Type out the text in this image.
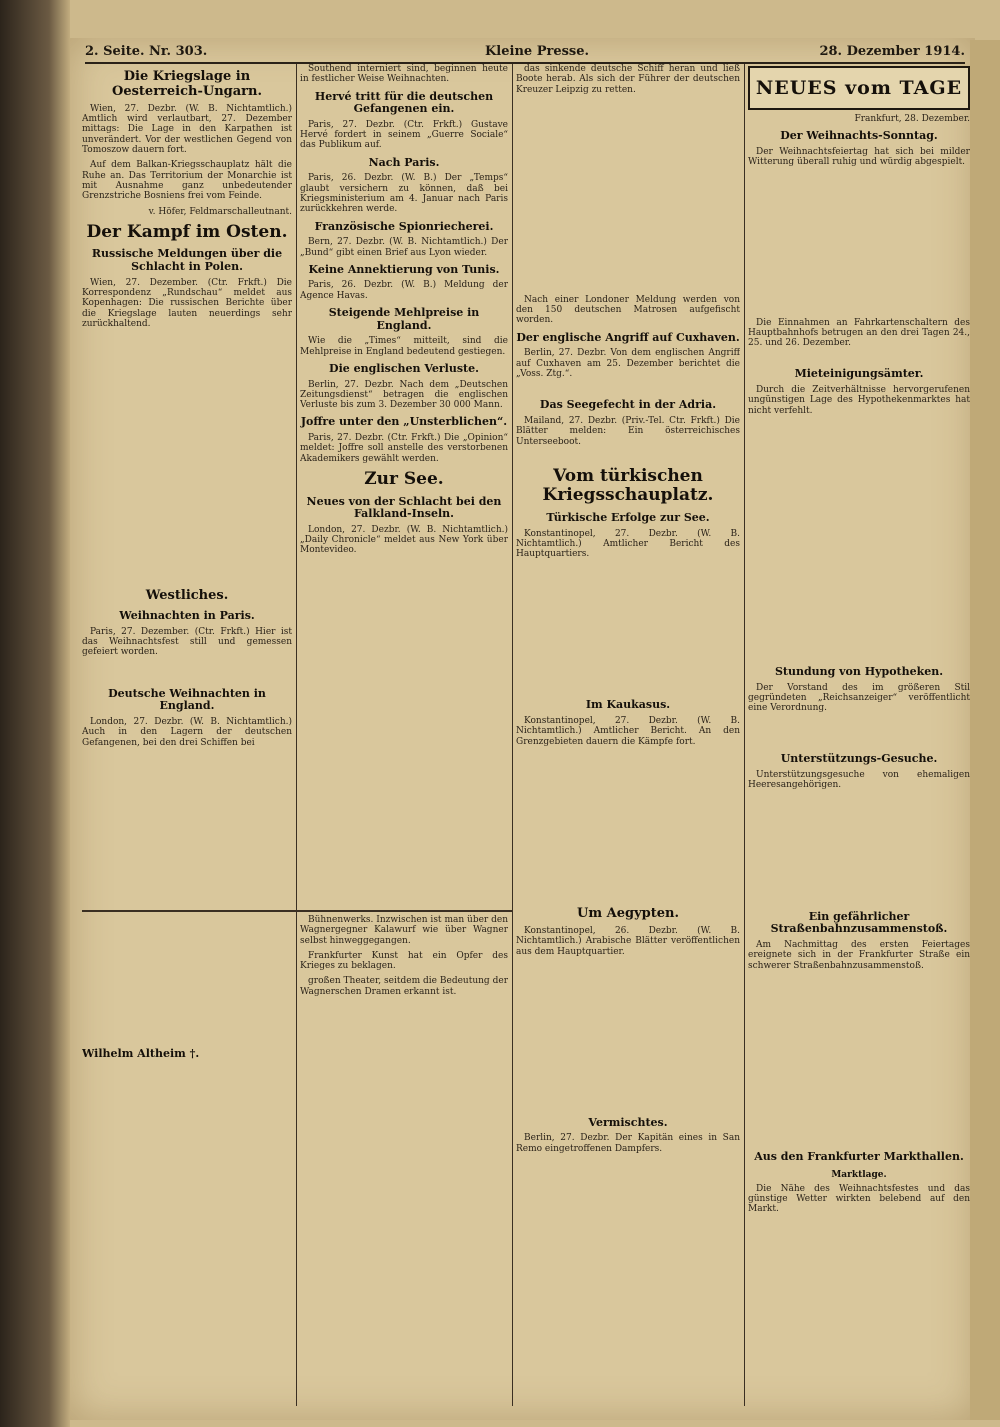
2. Seite. Nr. 303.	Kleine Presse.	28. Dezember 1914.
Die Kriegslage in Oesterreich-Ungarn.

Wien, 27. Dezbr. (W. B. Nichtamtlich.) Amtlich wird verlautbart, 27. Dezember mittags: Die Lage in den Karpathen ist unverändert. Vor der westlichen Gegend von Tomoszow dauern fort.

Auf dem Balkan-Kriegsschauplatz hält die Ruhe an. Das Territorium der Monarchie ist mit Ausnahme ganz unbedeutender Grenzstriche Bosniens frei vom Feinde.

v. Höfer, Feldmarschalleutnant.

Der Kampf im Osten.
Russische Meldungen über die Schlacht in Polen.

Wien, 27. Dezember. (Ctr. Frkft.) Die Korrespondenz „Rundschau“ meldet aus Kopenhagen: Die russischen Berichte über die Kriegslage lauten neuerdings sehr zurückhaltend.

Westliches.
Weihnachten in Paris.

Paris, 27. Dezember. (Ctr. Frkft.) Hier ist das Weihnachtsfest still und gemessen gefeiert worden.

Deutsche Weihnachten in England.

London, 27. Dezbr. (W. B. Nichtamtlich.) Auch in den Lagern der deutschen Gefangenen, bei den drei Schiffen bei

Wilhelm Altheim †.

Southend interniert sind, beginnen heute in festlicher Weise Weihnachten.

Hervé tritt für die deutschen Gefangenen ein.

Paris, 27. Dezbr. (Ctr. Frkft.) Gustave Hervé fordert in seinem „Guerre Sociale“ das Publikum auf.

Nach Paris.

Paris, 26. Dezbr. (W. B.) Der „Temps“ glaubt versichern zu können, daß bei Kriegsministerium am 4. Januar nach Paris zurückkehren werde.

Französische Spionriecherei.

Bern, 27. Dezbr. (W. B. Nichtamtlich.) Der „Bund“ gibt einen Brief aus Lyon wieder.

Keine Annektierung von Tunis.

Paris, 26. Dezbr. (W. B.) Meldung der Agence Havas.

Steigende Mehlpreise in England.

Wie die „Times“ mitteilt, sind die Mehlpreise in England bedeutend gestiegen.

Die englischen Verluste.

Berlin, 27. Dezbr. Nach dem „Deutschen Zeitungsdienst“ betragen die englischen Verluste bis zum 3. Dezember 30 000 Mann.

Joffre unter den „Unsterblichen“.

Paris, 27. Dezbr. (Ctr. Frkft.) Die „Opinion“ meldet: Joffre soll anstelle des verstorbenen Akademikers gewählt werden.

Zur See.
Neues von der Schlacht bei den Falkland-Inseln.

London, 27. Dezbr. (W. B. Nichtamtlich.) „Daily Chronicle“ meldet aus New York über Montevideo.

Bühnenwerks. Inzwischen ist man über den Wagnergegner Kalawurf wie über Wagner selbst hinweggegangen.

Frankfurter Kunst hat ein Opfer des Krieges zu beklagen.

großen Theater, seitdem die Bedeutung der Wagnerschen Dramen erkannt ist.

das sinkende deutsche Schiff heran und ließ Boote herab. Als sich der Führer der deutschen Kreuzer Leipzig zu retten.

Nach einer Londoner Meldung werden von den 150 deutschen Matrosen aufgefischt worden.

Der englische Angriff auf Cuxhaven.

Berlin, 27. Dezbr. Von dem englischen Angriff auf Cuxhaven am 25. Dezember berichtet die „Voss. Ztg.“.

Das Seegefecht in der Adria.

Mailand, 27. Dezbr. (Priv.-Tel. Ctr. Frkft.) Die Blätter melden: Ein österreichisches Unterseeboot.

Vom türkischen Kriegsschauplatz.
Türkische Erfolge zur See.

Konstantinopel, 27. Dezbr. (W. B. Nichtamtlich.) Amtlicher Bericht des Hauptquartiers.

Im Kaukasus.

Konstantinopel, 27. Dezbr. (W. B. Nichtamtlich.) Amtlicher Bericht. An den Grenzgebieten dauern die Kämpfe fort.

Um Aegypten.

Konstantinopel, 26. Dezbr. (W. B. Nichtamtlich.) Arabische Blätter veröffentlichen aus dem Hauptquartier.

Vermischtes.

Berlin, 27. Dezbr. Der Kapitän eines in San Remo eingetroffenen Dampfers.

NEUES vom TAGE
Frankfurt, 28. Dezember.
Der Weihnachts-Sonntag.

Der Weihnachtsfeiertag hat sich bei milder Witterung überall ruhig und würdig abgespielt.

Die Einnahmen an Fahrkartenschaltern des Hauptbahnhofs betrugen an den drei Tagen 24., 25. und 26. Dezember.

Mieteinigungsämter.

Durch die Zeitverhältnisse hervorgerufenen ungünstigen Lage des Hypothekenmarktes hat nicht verfehlt.

Stundung von Hypotheken.

Der Vorstand des im größeren Stil gegründeten „Reichsanzeiger“ veröffentlicht eine Verordnung.

Unterstützungs-Gesuche.

Unterstützungsgesuche von ehemaligen Heeresangehörigen.

Ein gefährlicher Straßenbahnzusammenstoß.

Am Nachmittag des ersten Feiertages ereignete sich in der Frankfurter Straße ein schwerer Straßenbahnzusammenstoß.

Aus den Frankfurter Markthallen.
Marktlage.

Die Nähe des Weihnachtsfestes und das günstige Wetter wirkten belebend auf den Markt.
